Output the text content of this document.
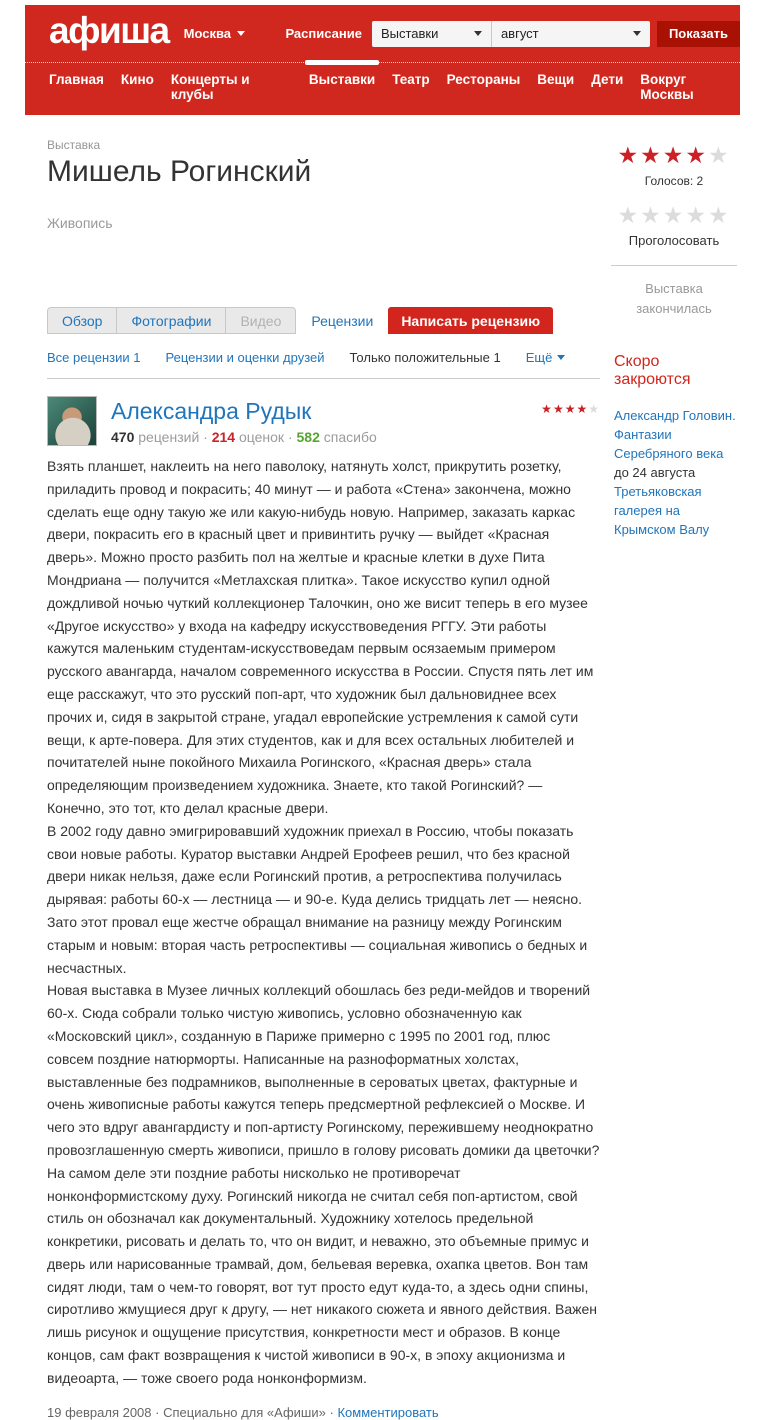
афиша Москва	Расписание Выставки	август	Показать
Главная Кино Концерты и клубы
Выставки Театр Рестораны Вещи Дети Вокруг Москвы
Выставка
Мишель Рогинский
Живопись
★★★★★
Голосов: 2
★★★★★
Проголосовать
Выставка закончилась
Обзор	Фотографии	Видео	Рецензии	Написать рецензию
Все рецензии 1 Рецензии и оценки друзей Только положительные 1 Ещё
Александра Рудык
470 рецензий · 214 оценок · 582 спасибо
★★★★★

Взять планшет, наклеить на него паволоку, натянуть холст, прикрутить розетку, приладить провод и покрасить; 40 минут — и работа «Стена» закончена, можно сделать еще одну такую же или какую-нибудь новую. Например, заказать каркас двери, покрасить его в красный цвет и привинтить ручку — выйдет «Красная дверь». Можно просто разбить пол на желтые и красные клетки в духе Пита Мондриана — получится «Метлахская плитка». Такое искусство купил одной дождливой ночью чуткий коллекционер Талочкин, оно же висит теперь в его музее «Другое искусство» у входа на кафедру искусствоведения РГГУ. Эти работы кажутся маленьким студентам-искусствоведам первым осязаемым примером русского авангарда, началом современного искусства в России. Спустя пять лет им еще расскажут, что это русский поп-арт, что художник был дальновиднее всех прочих и, сидя в закрытой стране, угадал европейские устремления к самой сути вещи, к арте-повера. Для этих студентов, как и для всех остальных любителей и почитателей ныне покойного Михаила Рогинского, «Красная дверь» стала определяющим произведением художника. Знаете, кто такой Рогинский? — Конечно, это тот, кто делал красные двери.

В 2002 году давно эмигрировавший художник приехал в Россию, чтобы показать свои новые работы. Куратор выставки Андрей Ерофеев решил, что без красной двери никак нельзя, даже если Рогинский против, а ретроспектива получилась дырявая: работы 60-х — лестница — и 90-е. Куда делись тридцать лет — неясно. Зато этот провал еще жестче обращал внимание на разницу между Рогинским старым и новым: вторая часть ретроспективы — социальная живопись о бедных и несчастных.

Новая выставка в Музее личных коллекций обошлась без реди-мейдов и творений 60-х. Сюда собрали только чистую живопись, условно обозначенную как «Московский цикл», созданную в Париже примерно с 1995 по 2001 год, плюс совсем поздние натюрморты. Написанные на разноформатных холстах, выставленные без подрамников, выполненные в сероватых цветах, фактурные и очень живописные работы кажутся теперь предсмертной рефлексией о Москве. И чего это вдруг авангардисту и поп-артисту Рогинскому, пережившему неоднократно провозглашенную смерть живописи, пришло в голову рисовать домики да цветочки? На самом деле эти поздние работы нисколько не противоречат нонконформистскому духу. Рогинский никогда не считал себя поп-артистом, свой стиль он обозначал как документальный. Художнику хотелось предельной конкретики, рисовать и делать то, что он видит, и неважно, это объемные примус и дверь или нарисованные трамвай, дом, бельевая веревка, охапка цветов. Вон там сидят люди, там о чем-то говорят, вот тут просто едут куда-то, а здесь одни спины, сиротливо жмущиеся друг к другу, — нет никакого сюжета и явного действия. Важен лишь рисунок и ощущение присутствия, конкретности мест и образов. В конце концов, сам факт возвращения к чистой живописи в 90-х, в эпоху акционизма и видеоарта, — тоже своего рода нонконформизм.

19 февраля 2008 · Специально для «Афиши» · Комментировать
Скоро закроются
Александр Головин. Фантазии Серебряного века
до 24 августа
Третьяковская галерея на Крымском Валу
